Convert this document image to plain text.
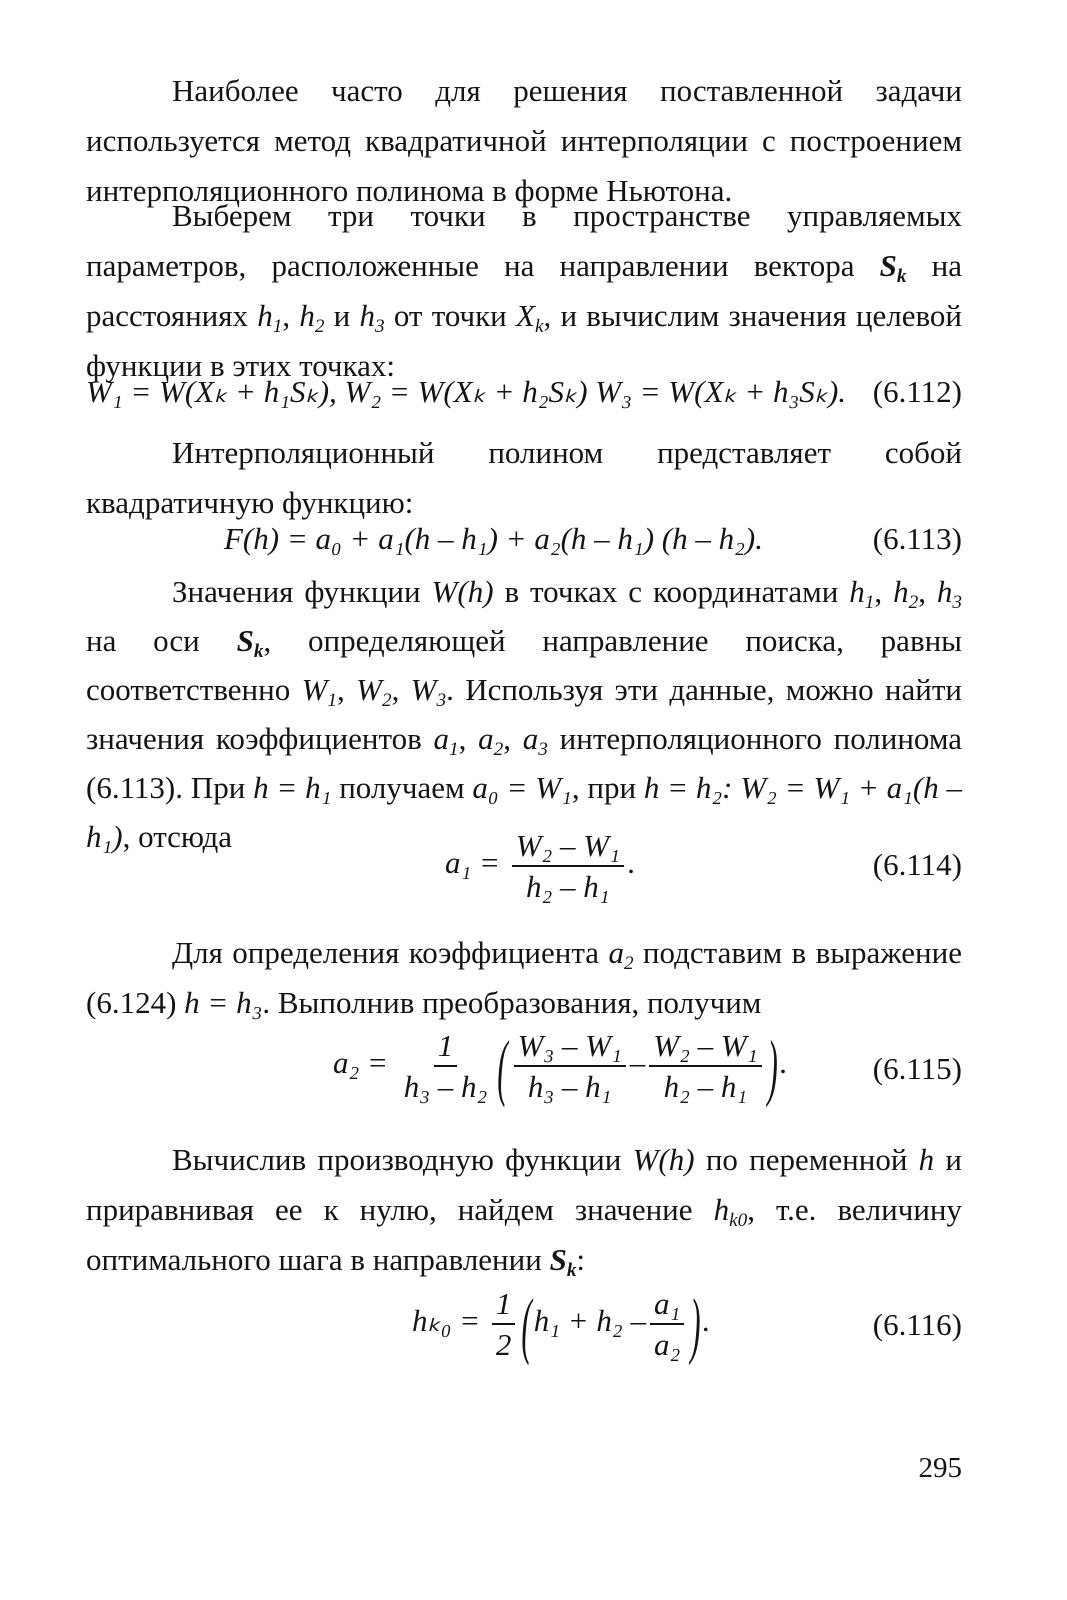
Наиболее часто для решения поставленной задачи используется метод квадратичной интерполяции с построением интерполяционного полинома в форме Ньютона.

Выберем три точки в пространстве управляемых параметров, расположенные на направлении вектора $S_k$ на расстояниях $h_1$, $h_2$ и $h_3$ от точки $X_k$, и вычислим значения целевой функции в этих точках:

W₁ = W(Xₖ + h₁Sₖ), W₂ = W(Xₖ + h₂Sₖ) W₃ = W(Xₖ + h₃Sₖ). (6.112)

Интерполяционный полином представляет собой квадратичную функцию:

F(h) = a₀ + a₁(h – h₁) + a₂(h – h₁) (h – h₂).	(6.113)

Значения функции W(h) в точках с координатами $h_1$, $h_2$, $h_3$ на оси $S_k$, определяющей направление поиска, равны соответственно $W_1$, $W_2$, $W_3$. Используя эти данные, можно найти значения коэффициентов $a_1$, $a_2$, $a_3$ интерполяционного полинома (6.113). При h = h₁ получаем a₀ = W₁, при h = h₂: W₂ = W₁ + a₁(h – h₁), отсюда

$a_1 = \frac{\text{W₂ – W₁}}{\text{h₂ – h₁}}$ .	(6.114)

Для определения коэффициента $a_2$ подставим в выражение (6.124) h = h₃. Выполнив преобразования, получим

$a_2 = \frac{1}{\text{h₃ – h₂}}$ ( $\frac{\text{W₃ – W₁}}{\text{h₃ – h₁}} - \frac{\text{W₂ – W₁}}{\text{h₂ – h₁}}$ ).	(6.115)

Вычислив производную функции W(h) по переменной h и приравнивая ее к нулю, найдем значение $h_{k0}$, т.е. величину оптимального шага в направлении $S_k$:

$h_{k0} = \frac{1}{2} (h_1 + h_2 - \frac{\text{a₁}}{\text{a₂}}$ ).	(6.116)
295
